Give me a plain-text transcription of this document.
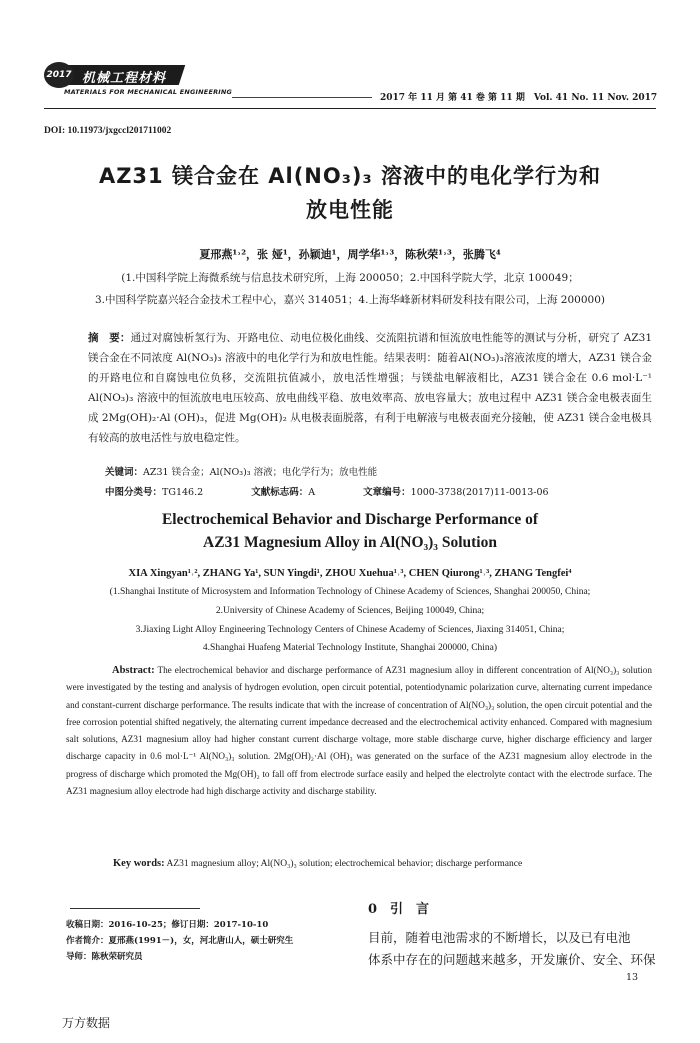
2017 机械工程材料
MATERIALS FOR MECHANICAL ENGINEERING
2017 年 11 月 第 41 卷 第 11 期　Vol. 41 No. 11 Nov. 2017
DOI: 10.11973/jxgccl201711002
AZ31 镁合金在 Al(NO₃)₃ 溶液中的电化学行为和
放电性能
夏邢燕¹˒²，张 娅¹，孙颖迪¹，周学华¹˒³，陈秋荣¹˒³，张腾飞⁴
(1.中国科学院上海微系统与信息技术研究所，上海 200050；2.中国科学院大学，北京 100049；
3.中国科学院嘉兴轻合金技术工程中心，嘉兴 314051；4.上海华峰新材料研发科技有限公司，上海 200000)
摘　要：通过对腐蚀析氢行为、开路电位、动电位极化曲线、交流阻抗谱和恒流放电性能等的测试与分析，研究了 AZ31 镁合金在不同浓度 Al(NO₃)₃ 溶液中的电化学行为和放电性能。结果表明：随着Al(NO₃)₃溶液浓度的增大，AZ31 镁合金的开路电位和自腐蚀电位负移，交流阻抗值减小，放电活性增强；与镁盐电解液相比，AZ31 镁合金在 0.6 mol·L⁻¹ Al(NO₃)₃ 溶液中的恒流放电电压较高、放电曲线平稳、放电效率高、放电容量大；放电过程中 AZ31 镁合金电极表面生成 2Mg(OH)₂·Al (OH)₃，促进 Mg(OH)₂ 从电极表面脱落，有利于电解液与电极表面充分接触，使 AZ31 镁合金电极具有较高的放电活性与放电稳定性。
关键词：AZ31 镁合金；Al(NO₃)₃ 溶液；电化学行为；放电性能
中图分类号：TG146.2	文献标志码：A	文章编号：1000-3738(2017)11-0013-06
Electrochemical Behavior and Discharge Performance of
AZ31 Magnesium Alloy in Al(NO₃)₃ Solution
XIA Xingyan¹˒², ZHANG Ya¹, SUN Yingdi¹, ZHOU Xuehua¹˒³, CHEN Qiurong¹˒³, ZHANG Tengfei⁴
(1.Shanghai Institute of Microsystem and Information Technology of Chinese Academy of Sciences, Shanghai 200050, China;
2.University of Chinese Academy of Sciences, Beijing 100049, China;
3.Jiaxing Light Alloy Engineering Technology Centers of Chinese Academy of Sciences, Jiaxing 314051, China;
4.Shanghai Huafeng Material Technology Institute, Shanghai 200000, China)
Abstract: The electrochemical behavior and discharge performance of AZ31 magnesium alloy in different concentration of Al(NO₃)₃ solution were investigated by the testing and analysis of hydrogen evolution, open circuit potential, potentiodynamic polarization curve, alternating current impedance and constant-current discharge performance. The results indicate that with the increase of concentration of Al(NO₃)₃ solution, the open circuit potential and the free corrosion potential shifted negatively, the alternating current impedance decreased and the electrochemical activity enhanced. Compared with magnesium salt solutions, AZ31 magnesium alloy had higher constant current discharge voltage, more stable discharge curve, higher discharge efficiency and larger discharge capacity in 0.6 mol·L⁻¹ Al(NO₃)₃ solution. 2Mg(OH)₂·Al (OH)₃ was generated on the surface of the AZ31 magnesium alloy electrode in the progress of discharge which promoted the Mg(OH)₂ to fall off from electrode surface easily and helped the electrolyte contact with the electrode surface. The AZ31 magnesium alloy electrode had high discharge activity and discharge stability.
Key words: AZ31 magnesium alloy; Al(NO₃)₃ solution; electrochemical behavior; discharge performance
收稿日期：2016-10-25；修订日期：2017-10-10
作者简介：夏邢燕(1991－)，女，河北唐山人，硕士研究生
导师：陈秋荣研究员
0　引　言
目前，随着电池需求的不断增长，以及已有电池
体系中存在的问题越来越多，开发廉价、安全、环保
13
万方数据
